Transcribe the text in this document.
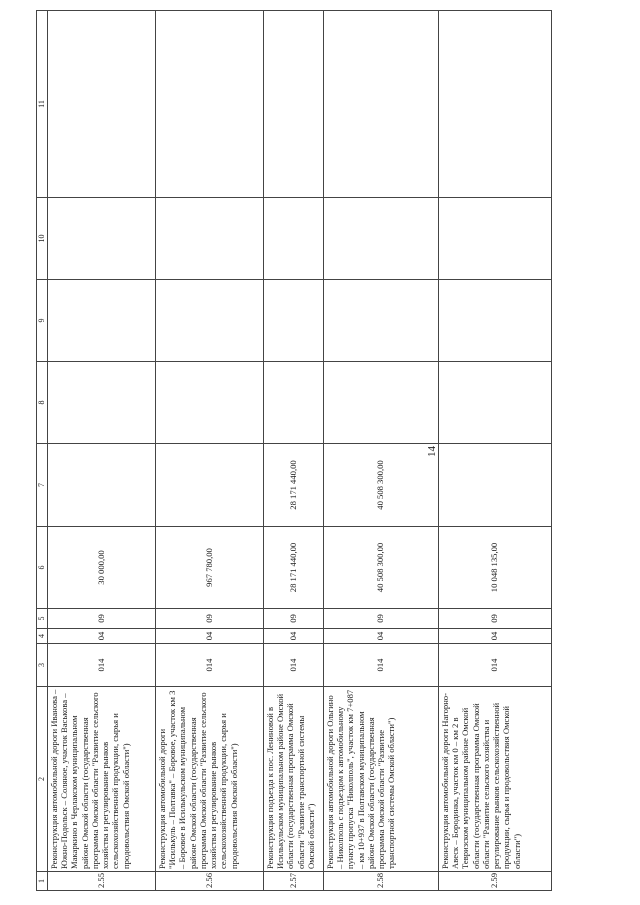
14
1	2	3	4	5	6	7	8	9	10	11
2.55	Реконструкция автомобильной дороги Иванова – Южно-Подольск – Соляное, участок Васькова – Макаркино в Черлакском муниципальном районе Омской области (государственная программа Омской области "Развитие сельского хозяйства и регулирование рынков сельскохозяйственной продукции, сырья и продовольствия Омской области")	014	04	09	30 000,00					
2.56	Реконструкция автомобильной дороги "Исилькуль – Полтавка" – Боровое, участок км 3 – Боровое в Исилькульском муниципальном районе Омской области (государственная программа Омской области "Развитие сельского хозяйства и регулирование рынков сельскохозяйственной продукции, сырья и продовольствия Омской области")	014	04	09	967 780,00					
2.57	Реконструкция подъезда к пос. Лениновой в Исилькульском муниципальном районе Омской области (государственная программа Омской области "Развитие транспортной системы Омской области")	014	04	09	28 171 440,00	28 171 440,00				
2.58	Реконструкция автомобильной дороги Ольгино – Николполь с подъездом к автомобильному пункту пропуска "Николполь", участок км 7+087 – км 10+937 в Полтавском муниципальном районе Омской области (государственная программа Омской области "Развитие транспортной системы Омской области")	014	04	09	40 508 300,00	40 508 300,00				
2.59	Реконструкция автомобильной дороги Нагорно-Авеск – Бородинка, участок км 0 – км 2 в Тевризском муниципальном районе Омской области (государственная программа Омской области "Развитие сельского хозяйства и регулирование рынков сельскохозяйственной продукции, сырья и продовольствия Омской области")	014	04	09	10 048 135,00					
